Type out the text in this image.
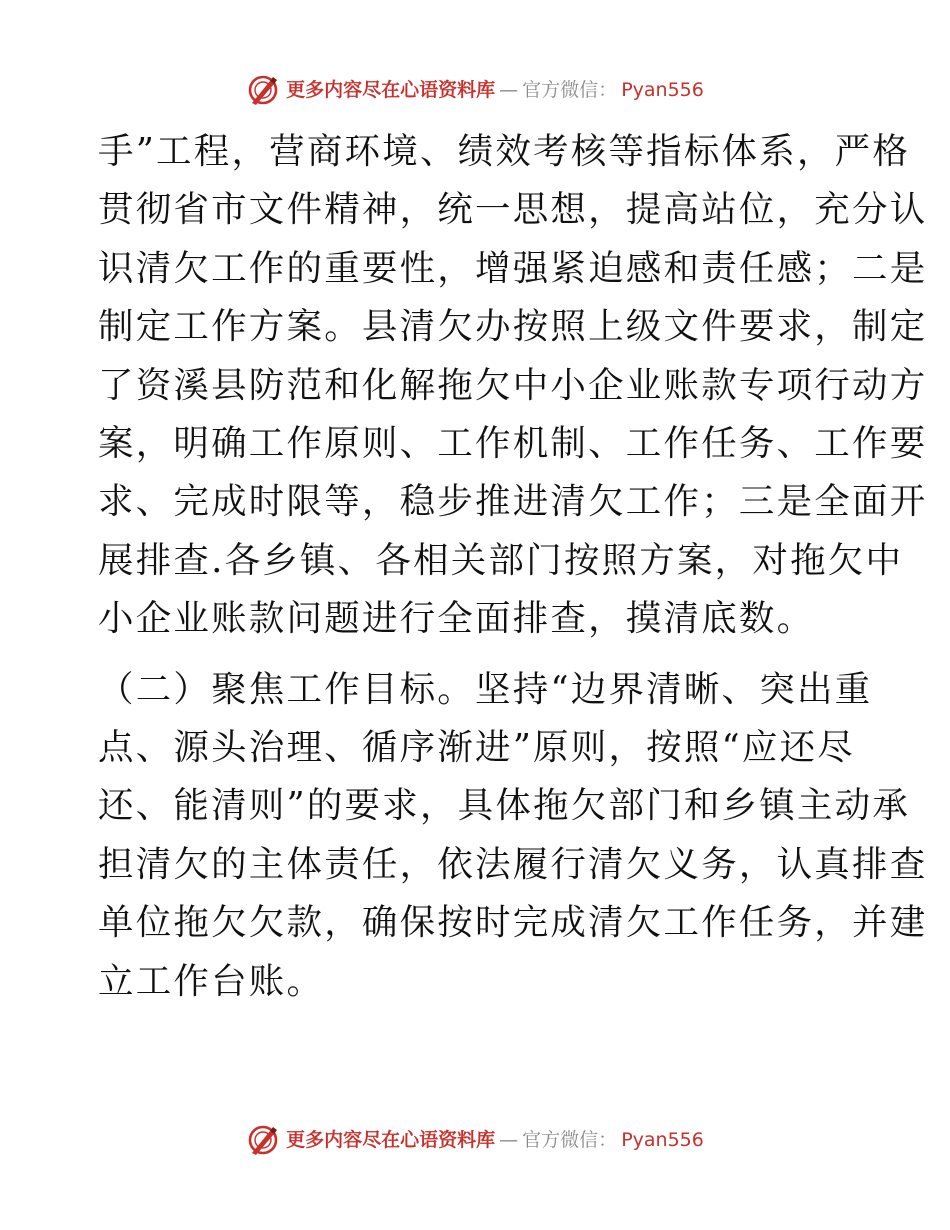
更多内容尽在心语资料库 — 官方微信： Pyan556

手”工程，营商环境、绩效考核等指标体系，严格
贯彻省市文件精神，统一思想，提高站位，充分认
识清欠工作的重要性，增强紧迫感和责任感；二是
制定工作方案。县清欠办按照上级文件要求，制定
了资溪县防范和化解拖欠中小企业账款专项行动方
案，明确工作原则、工作机制、工作任务、工作要
求、完成时限等，稳步推进清欠工作；三是全面开
展排查.各乡镇、各相关部门按照方案，对拖欠中
小企业账款问题进行全面排查，摸清底数。

（二）聚焦工作目标。坚持“边界清晰、突出重
点、源头治理、循序渐进”原则，按照“应还尽
还、能清则”的要求，具体拖欠部门和乡镇主动承
担清欠的主体责任，依法履行清欠义务，认真排查
单位拖欠欠款，确保按时完成清欠工作任务，并建
立工作台账。

更多内容尽在心语资料库 — 官方微信： Pyan556
